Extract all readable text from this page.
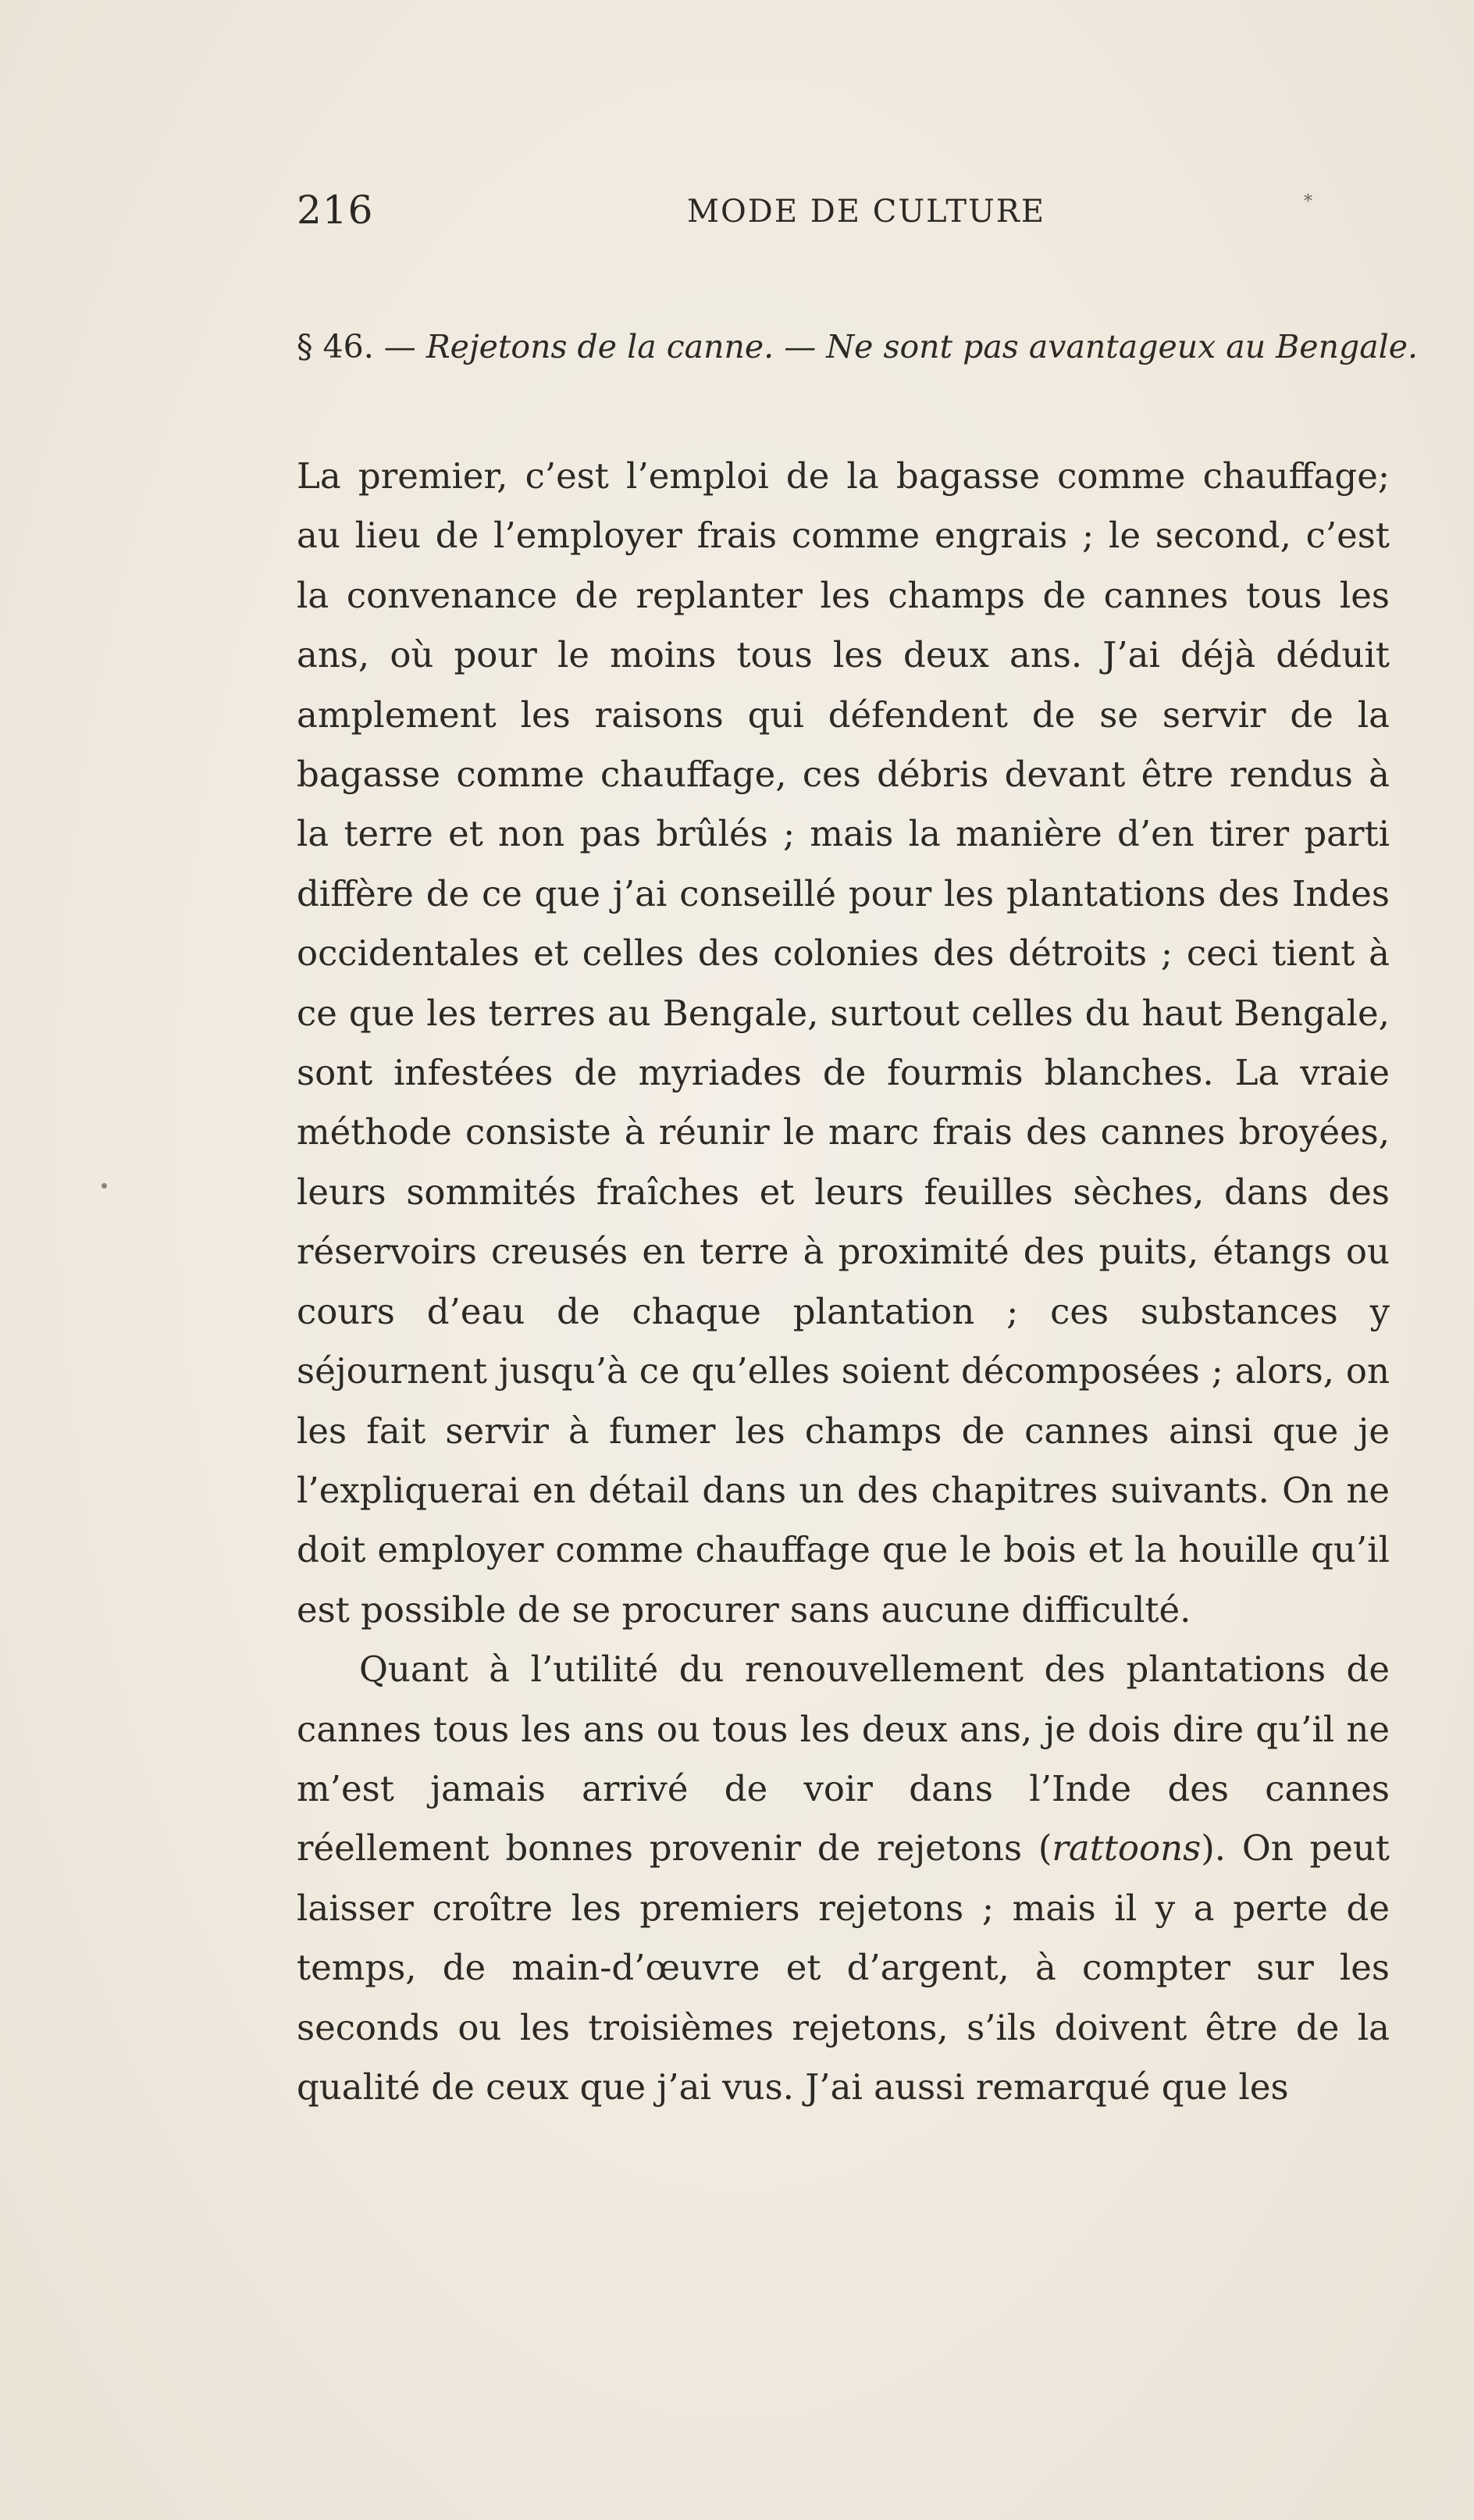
216	MODE DE CULTURE	*
§ 46. — Rejetons de la canne. — Ne sont pas avantageux au Bengale.

La premier, c’est l’emploi de la bagasse comme chauffage; au lieu de l’employer frais comme engrais ; le second, c’est la convenance de replanter les champs de cannes tous les ans, où pour le moins tous les deux ans. J’ai déjà déduit amplement les raisons qui défendent de se servir de la bagasse comme chauffage, ces débris devant être rendus à la terre et non pas brûlés ; mais la manière d’en tirer parti diffère de ce que j’ai conseillé pour les plantations des Indes occidentales et celles des colonies des détroits ; ceci tient à ce que les terres au Bengale, surtout celles du haut Bengale, sont infestées de myriades de fourmis blanches. La vraie méthode consiste à réunir le marc frais des cannes broyées, leurs sommités fraîches et leurs feuilles sèches, dans des réservoirs creusés en terre à proximité des puits, étangs ou cours d’eau de chaque plantation ; ces substances y séjournent jusqu’à ce qu’elles soient décomposées ; alors, on les fait servir à fumer les champs de cannes ainsi que je l’expliquerai en détail dans un des chapitres suivants. On ne doit employer comme chauffage que le bois et la houille qu’il est possible de se procurer sans aucune difficulté.

Quant à l’utilité du renouvellement des plantations de cannes tous les ans ou tous les deux ans, je dois dire qu’il ne m’est jamais arrivé de voir dans l’Inde des cannes réellement bonnes provenir de rejetons (rattoons). On peut laisser croître les premiers rejetons ; mais il y a perte de temps, de main-d’œuvre et d’argent, à compter sur les seconds ou les troisièmes rejetons, s’ils doivent être de la qualité de ceux que j’ai vus. J’ai aussi remarqué que les
